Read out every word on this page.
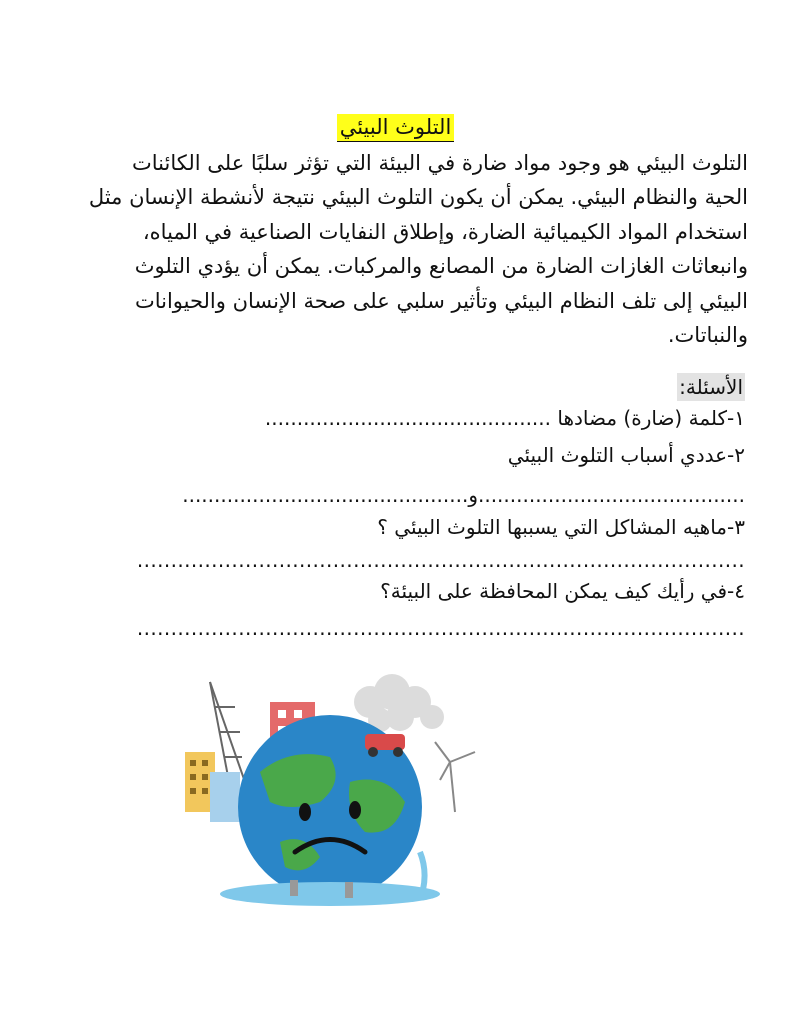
التلوث البيئي

التلوث البيئي هو وجود مواد ضارة في البيئة التي تؤثر سلبًا على الكائنات
الحية والنظام البيئي. يمكن أن يكون التلوث البيئي نتيجة لأنشطة الإنسان مثل
استخدام المواد الكيميائية الضارة، وإطلاق النفايات الصناعية في المياه،
وانبعاثات الغازات الضارة من المصانع والمركبات. يمكن أن يؤدي التلوث
البيئي إلى تلف النظام البيئي وتأثير سلبي على صحة الإنسان والحيوانات
والنباتات.

الأسئلة:

١-كلمة (ضارة) مضادها .............................................

٢-عددي أسباب التلوث البيئي

..........................................و.............................................

٣-ماهيه المشاكل التي يسببها التلوث البيئي ؟

..........................................................................................

٤-في رأيك كيف يمكن المحافظة على البيئة؟

..........................................................................................
